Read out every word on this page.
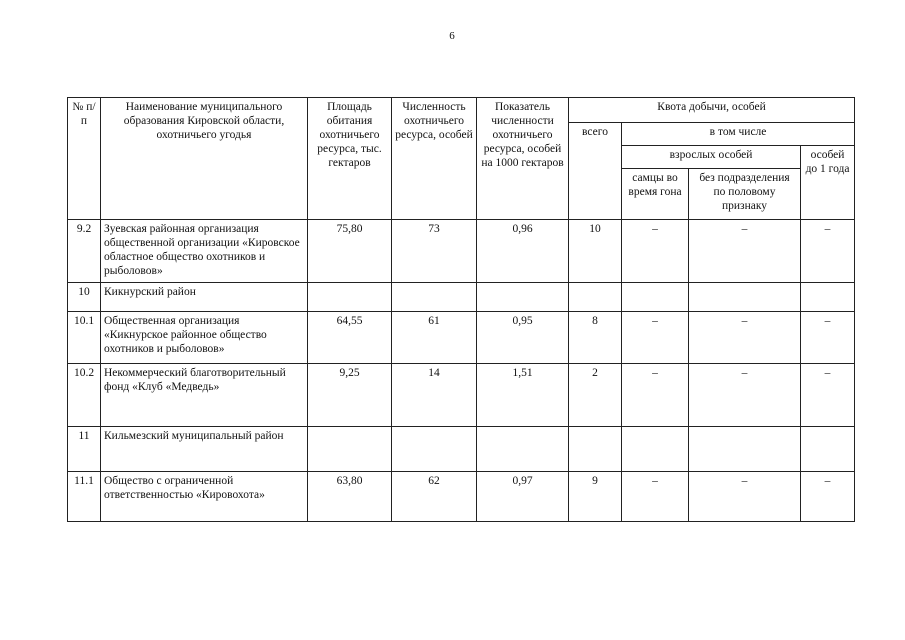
6
№ п/п	Наименование муниципального образования Кировской области, охотничьего угодья	Площадь обитания охотничьего ресурса, тыс. гектаров	Численность охотничьего ресурса, особей	Показатель численности охотничьего ресурса, особей на 1000 гектаров	Квота добычи, особей			
					всего	в том числе		
						взрослых особей		особей до 1 года
						самцы во время гона	без подразделения по половому признаку	
9.2	Зуевская районная организация общественной организации «Кировское областное общество охотников и рыболовов»	75,80	73	0,96	10	–	–	–
10	Кикнурский район							
10.1	Общественная организация «Кикнурское районное общество охотников и рыболовов»	64,55	61	0,95	8	–	–	–
10.2	Некоммерческий благотворительный фонд «Клуб «Медведь»	9,25	14	1,51	2	–	–	–
11	Кильмезский муниципальный район							
11.1	Общество с ограниченной ответственностью «Кировохота»	63,80	62	0,97	9	–	–	–
